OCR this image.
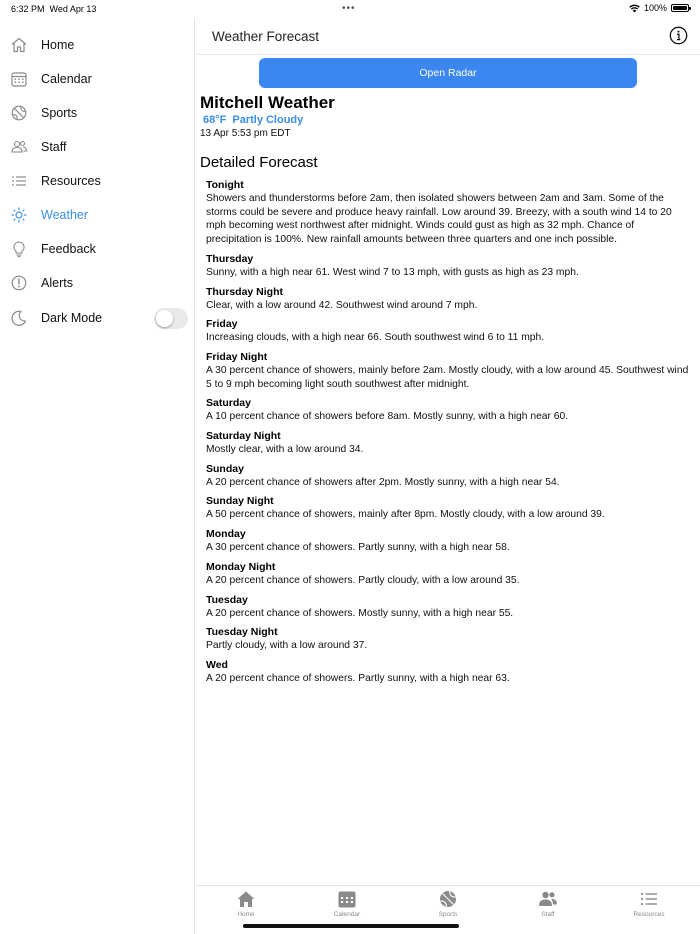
6:32 PM Wed Apr 13	•••	100%
Home
Calendar
Sports
Staff
Resources
Weather
Feedback
Alerts
Dark Mode
Weather Forecast
Open Radar
Mitchell Weather
68°F Partly Cloudy
13 Apr 5:53 pm EDT
Detailed Forecast
Tonight
Showers and thunderstorms before 2am, then isolated showers between 2am and 3am. Some of the storms could be severe and produce heavy rainfall. Low around 39. Breezy, with a south wind 14 to 20 mph becoming west northwest after midnight. Winds could gust as high as 32 mph. Chance of precipitation is 100%. New rainfall amounts between three quarters and one inch possible.
Thursday
Sunny, with a high near 61. West wind 7 to 13 mph, with gusts as high as 23 mph.
Thursday Night
Clear, with a low around 42. Southwest wind around 7 mph.
Friday
Increasing clouds, with a high near 66. South southwest wind 6 to 11 mph.
Friday Night
A 30 percent chance of showers, mainly before 2am. Mostly cloudy, with a low around 45. Southwest wind 5 to 9 mph becoming light south southwest after midnight.
Saturday
A 10 percent chance of showers before 8am. Mostly sunny, with a high near 60.
Saturday Night
Mostly clear, with a low around 34.
Sunday
A 20 percent chance of showers after 2pm. Mostly sunny, with a high near 54.
Sunday Night
A 50 percent chance of showers, mainly after 8pm. Mostly cloudy, with a low around 39.
Monday
A 30 percent chance of showers. Partly sunny, with a high near 58.
Monday Night
A 20 percent chance of showers. Partly cloudy, with a low around 35.
Tuesday
A 20 percent chance of showers. Mostly sunny, with a high near 55.
Tuesday Night
Partly cloudy, with a low around 37.
Wed
A 20 percent chance of showers. Partly sunny, with a high near 63.
Home	Calendar	Sports	Staff	Resources
